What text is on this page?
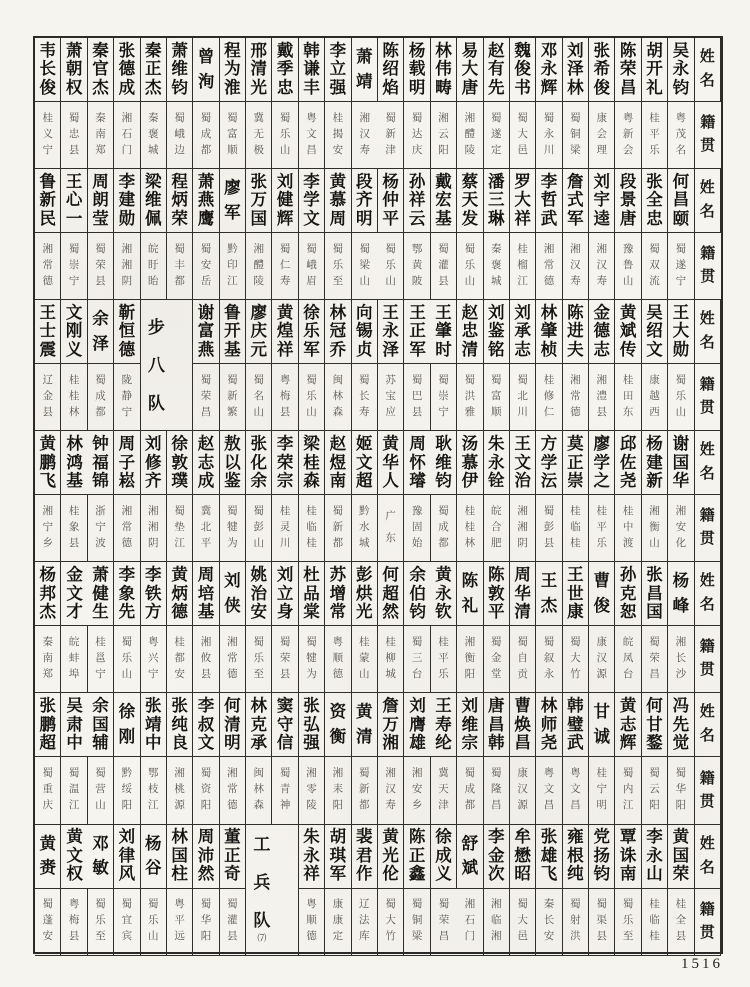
韦
长
俊
桂
义
宁
萧
朝
权
蜀
忠
县
秦
官
杰
秦
南
郑
张
德
成
湘
石
门
秦
正
杰
秦
褒
城
萧
维
钧
蜀
峨
边
曾
洵
蜀
成
都
程
为
淮
蜀
富
顺
邢
清
光
冀
无
极
戴
季
忠
蜀
乐
山
韩
谦
丰
粤
文
昌
李
立
强
桂
揭
安
萧
靖
湘
汉
寿
陈
绍
焰
蜀
新
津
杨
载
明
蜀
达
庆
林
伟
畴
湘
云
阳
易
大
唐
湘
醴
陵
赵
有
先
蜀
遂
定
魏
俊
书
蜀
大
邑
邓
永
辉
蜀
永
川
刘
泽
林
蜀
铜
梁
张
希
俊
康
会
理
陈
荣
昌
粤
新
会
胡
开
礼
桂
平
乐
吴
永
钧
粤
茂
名
姓
名
籍
贯
鲁
新
民
湘
常
德
王
心
一
蜀
崇
宁
周
朗
莹
蜀
荣
县
李
建
勋
湘
湘
阴
梁
维
佩
皖
盱
眙
程
炳
荣
蜀
丰
都
萧
燕
鹰
蜀
安
岳
廖
军
黔
印
江
张
万
国
湘
醴
陵
刘
健
辉
蜀
仁
寿
李
学
文
蜀
峨
眉
黄
慕
周
蜀
乐
至
段
齐
明
蜀
梁
山
杨
仲
平
蜀
乐
山
孙
祥
云
鄂
黄
陂
戴
宏
基
蜀
灌
县
蔡
天
发
蜀
乐
山
潘
三
琳
秦
褒
城
罗
大
祥
桂
榴
江
李
哲
武
湘
常
德
詹
式
军
湘
汉
寿
刘
宇
逵
湘
汉
寿
段
景
唐
豫
鲁
山
张
全
忠
蜀
双
流
何
昌
颐
蜀
遂
宁
姓
名
籍
贯
王
士
震
辽
金
县
文
刚
义
桂
桂
林
余
泽
蜀
成
都
靳
恒
德
陇
静
宁
步
八
队
谢
富
燕
蜀
荣
昌
鲁
开
基
蜀
新
繁
廖
庆
元
蜀
名
山
黄
煌
祥
粤
梅
县
徐
乐
军
蜀
乐
山
林
冠
乔
闽
林
森
向
锡
贞
蜀
长
寿
王
永
泽
苏
宝
应
王
正
军
蜀
巴
县
王
肇
时
蜀
崇
宁
赵
忠
清
蜀
洪
雅
刘
鉴
铭
蜀
富
顺
刘
承
志
蜀
北
川
林
肇
桢
桂
修
仁
陈
进
夫
湘
常
德
金
德
志
湘
澧
县
黄
斌
传
桂
田
东
吴
绍
文
康
越
西
王
大
勋
蜀
乐
山
姓
名
籍
贯
黄
鹏
飞
湘
宁
乡
林
鸿
基
桂
象
县
钟
福
锦
浙
宁
波
周
子
崧
湘
常
德
刘
修
齐
湘
湘
阴
徐
敦
璞
蜀
垫
江
赵
志
成
冀
北
平
敖
以
鉴
蜀
犍
为
张
化
余
蜀
彭
山
李
荣
宗
桂
灵
川
梁
桂
森
桂
临
桂
赵
煜
南
蜀
新
都
姬
文
超
黔
水
城
黄
华
人
广
东
周
怀
璿
豫
固
始
耿
维
钧
蜀
成
都
汤
慕
伊
桂
桂
林
朱
永
铨
皖
合
肥
王
文
治
湘
湘
阴
方
学
沄
蜀
彭
县
莫
正
崇
桂
临
桂
廖
学
之
桂
平
乐
邱
佐
尧
桂
中
渡
杨
建
新
湘
衡
山
谢
国
华
湘
安
化
姓
名
籍
贯
杨
邦
杰
秦
南
郑
金
文
才
皖
蚌
埠
萧
健
生
桂
邕
宁
李
象
先
蜀
乐
山
李
铁
方
粤
兴
宁
黄
炳
德
桂
都
安
周
培
基
湘
攸
县
刘
侠
湘
常
德
姚
治
安
蜀
乐
至
刘
立
身
蜀
荣
县
杜
品
棠
蜀
犍
为
苏
增
常
粤
顺
德
彭
烘
光
桂
蒙
山
何
超
然
桂
柳
城
余
伯
钧
蜀
三
台
黄
永
钦
桂
平
乐
陈
礼
湘
衡
阳
陈
敦
平
蜀
金
堂
周
华
清
蜀
自
贡
王
杰
蜀
叙
永
王
世
康
蜀
大
竹
曹
俊
康
汉
源
孙
克
恕
皖
凤
台
张
昌
国
蜀
荣
昌
杨
峰
湘
长
沙
姓
名
籍
贯
张
鹏
超
蜀
重
庆
吴
肃
中
蜀
温
江
余
国
辅
蜀
营
山
徐
刚
黔
绥
阳
张
靖
中
鄂
枝
江
张
纯
良
湘
桃
源
李
叔
文
蜀
资
阳
何
清
明
湘
常
德
林
克
承
闽
林
森
窦
守
信
蜀
青
神
张
弘
强
湘
零
陵
资
衡
湘
耒
阳
黄
清
蜀
新
都
詹
万
湘
湘
汉
寿
刘
膺
雄
湘
安
乡
王
寿
纶
冀
天
津
刘
维
宗
蜀
成
都
唐
昌
韩
蜀
隆
昌
曹
焕
昌
康
汉
源
林
师
尧
粤
文
昌
韩
璧
武
粤
文
昌
甘
诚
桂
宁
明
黄
志
辉
蜀
内
江
何
甘
鍪
蜀
云
阳
冯
先
觉
蜀
华
阳
姓
名
籍
贯
黄
赉
蜀
蓬
安
黄
文
权
粤
梅
县
邓
敏
蜀
乐
至
刘
律
风
蜀
宜
宾
杨
谷
蜀
乐
山
林
国
柱
粤
平
远
周
沛
然
蜀
华
阳
董
正
奇
蜀
灌
县
工
兵
队
⑺
朱
永
祥
粤
顺
德
胡
琪
军
康
康
定
裴
君
作
辽
法
库
黄
光
伦
蜀
大
竹
陈
正
鑫
蜀
铜
梁
徐
成
义
蜀
荣
昌
舒
斌
湘
石
门
李
金
次
湘
临
湘
牟
懋
昭
蜀
大
邑
张
雄
飞
秦
长
安
雍
根
纯
蜀
射
洪
党
扬
钧
蜀
渠
县
覃
诛
南
蜀
乐
至
李
永
山
桂
临
桂
黄
国
荣
桂
全
县
姓
名
籍
贯
1516
